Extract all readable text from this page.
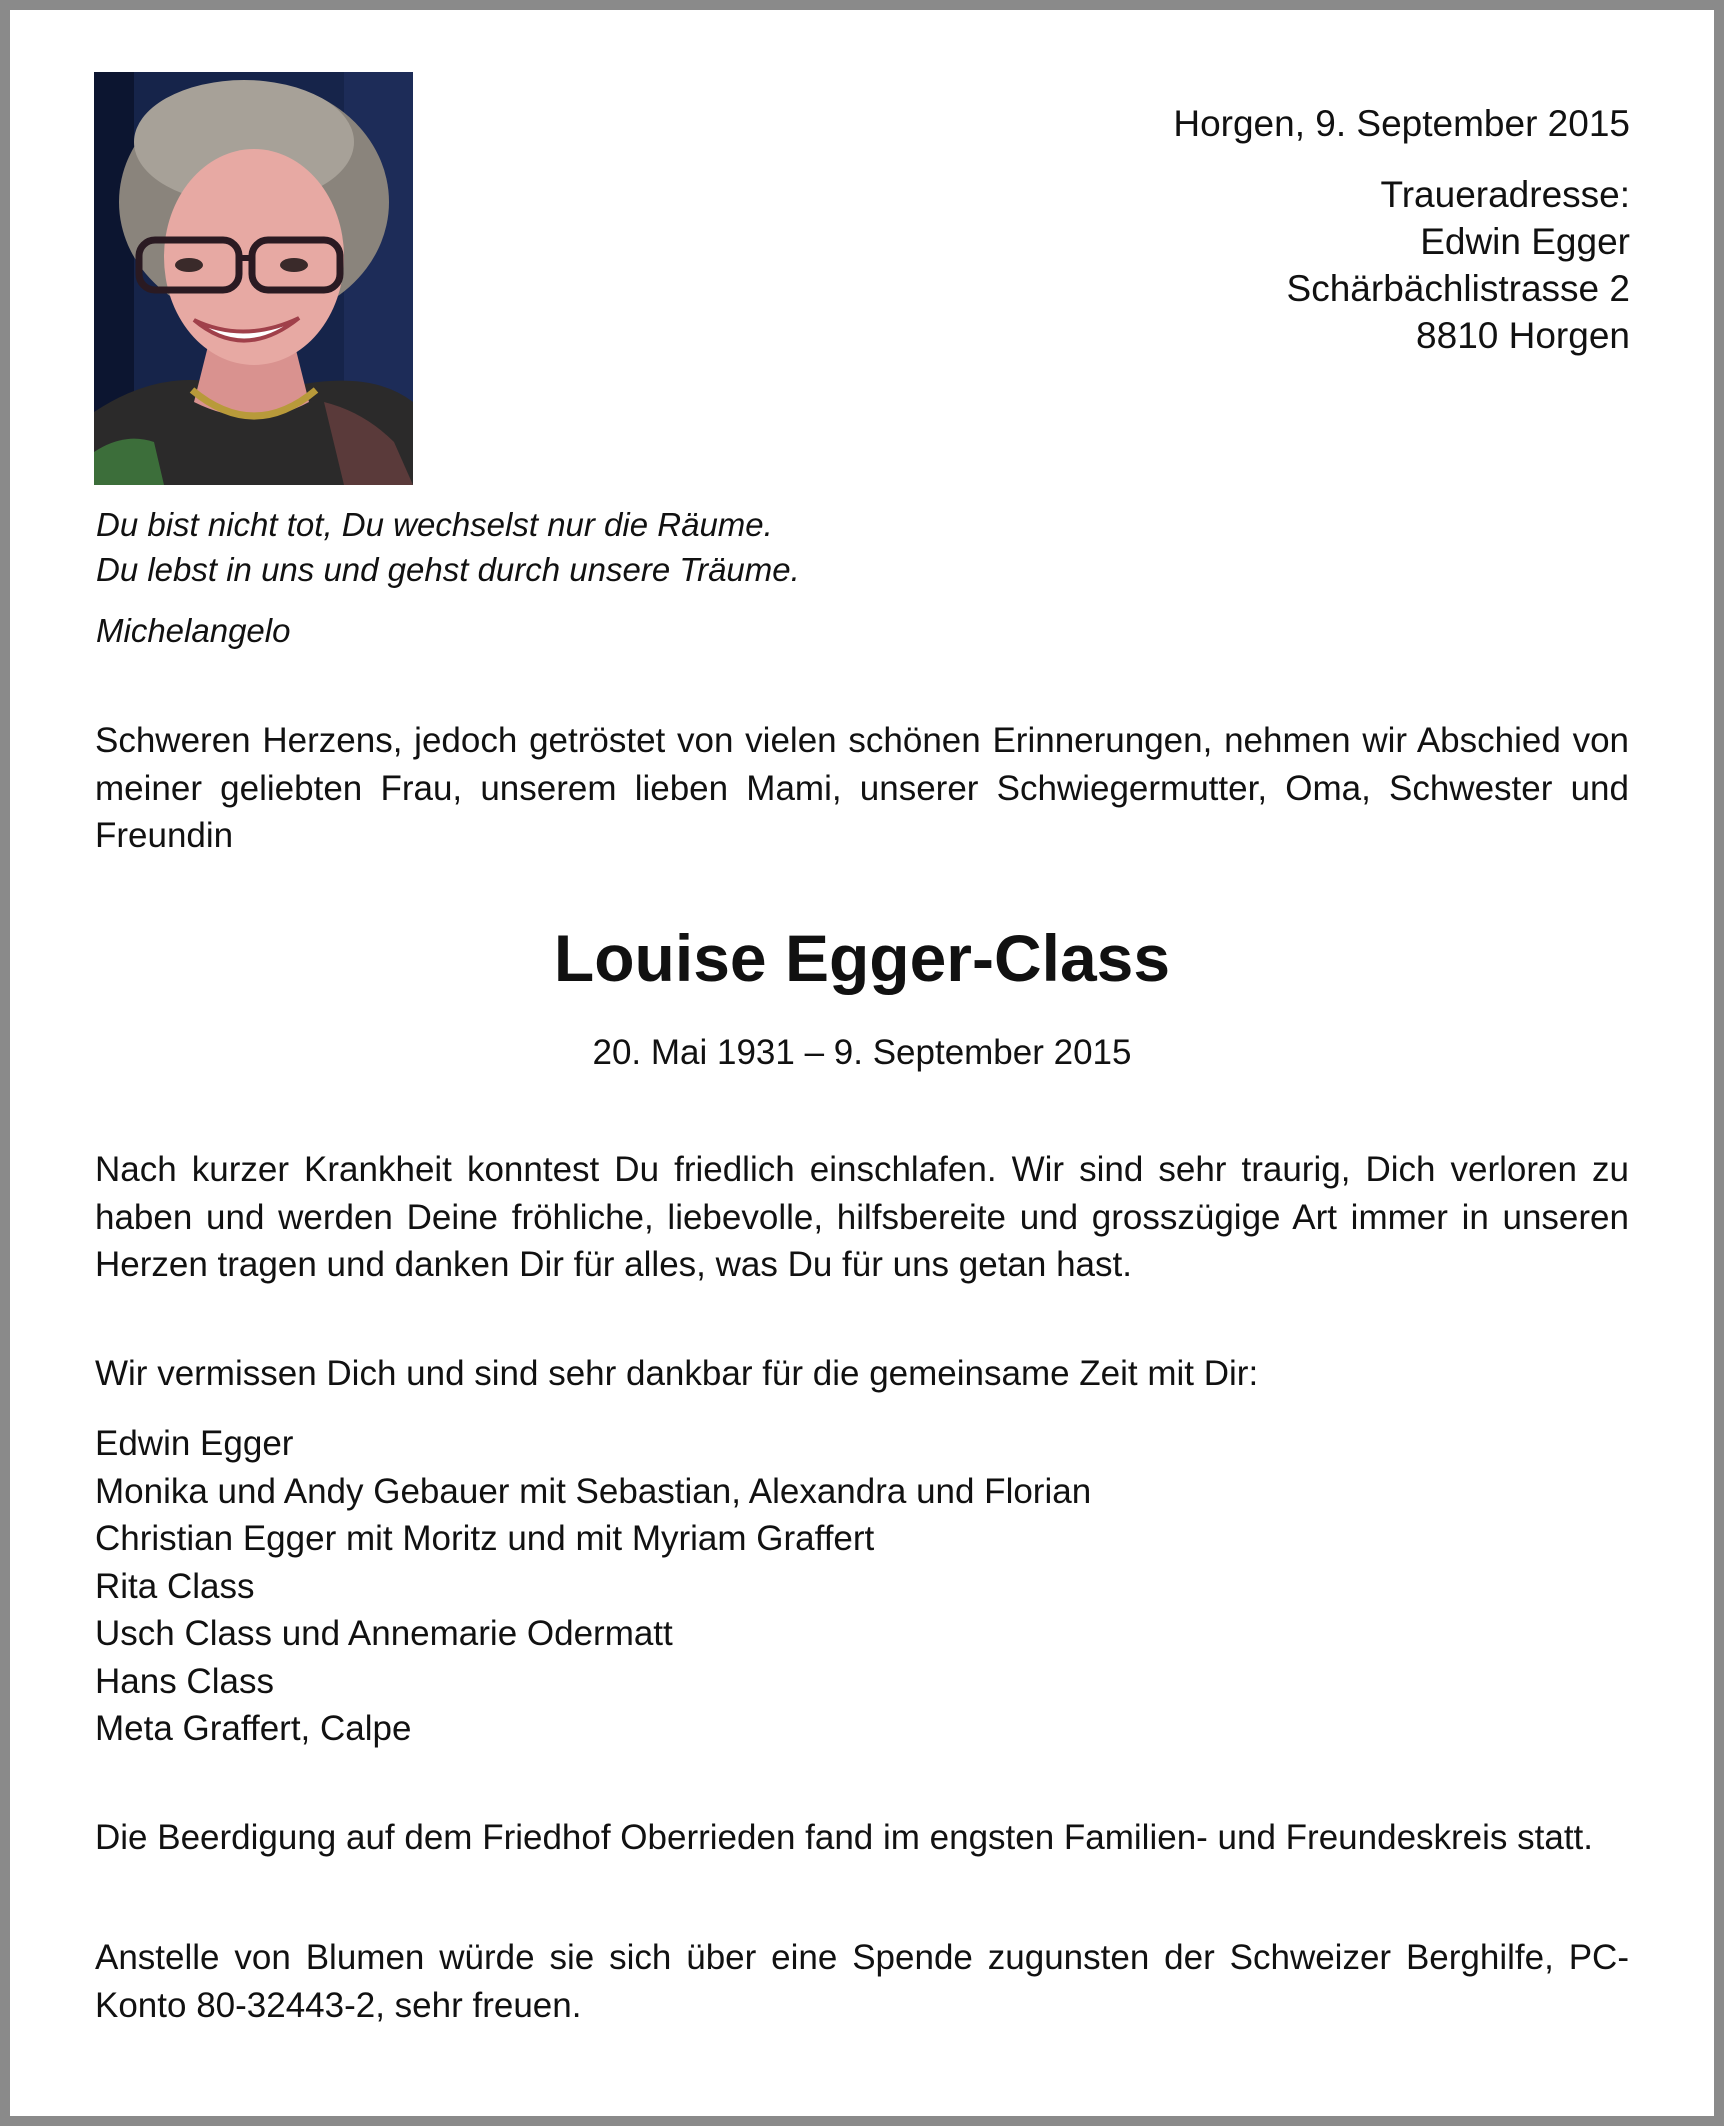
Horgen, 9. September 2015
Traueradresse:
Edwin Egger
Schärbächlistrasse 2
8810 Horgen
Du bist nicht tot, Du wechselst nur die Räume.
Du lebst in uns und gehst durch unsere Träume.
Michelangelo
Schweren Herzens, jedoch getröstet von vielen schönen Erinnerungen, nehmen wir Abschied von meiner geliebten Frau, unserem lieben Mami, unserer Schwiegermutter, Oma, Schwester und Freundin
Louise Egger-Class
20. Mai 1931 – 9. September 2015
Nach kurzer Krankheit konntest Du friedlich einschlafen. Wir sind sehr traurig, Dich verloren zu haben und werden Deine fröhliche, liebevolle, hilfsbereite und grosszügige Art immer in unseren Herzen tragen und danken Dir für alles, was Du für uns getan hast.
Wir vermissen Dich und sind sehr dankbar für die gemeinsame Zeit mit Dir:
Edwin Egger
Monika und Andy Gebauer mit Sebastian, Alexandra und Florian
Christian Egger mit Moritz und mit Myriam Graffert
Rita Class
Usch Class und Annemarie Odermatt
Hans Class
Meta Graffert, Calpe
Die Beerdigung auf dem Friedhof Oberrieden fand im engsten Familien- und Freundeskreis statt.
Anstelle von Blumen würde sie sich über eine Spende zugunsten der Schweizer Berghilfe, PC-Konto 80-32443-2, sehr freuen.
